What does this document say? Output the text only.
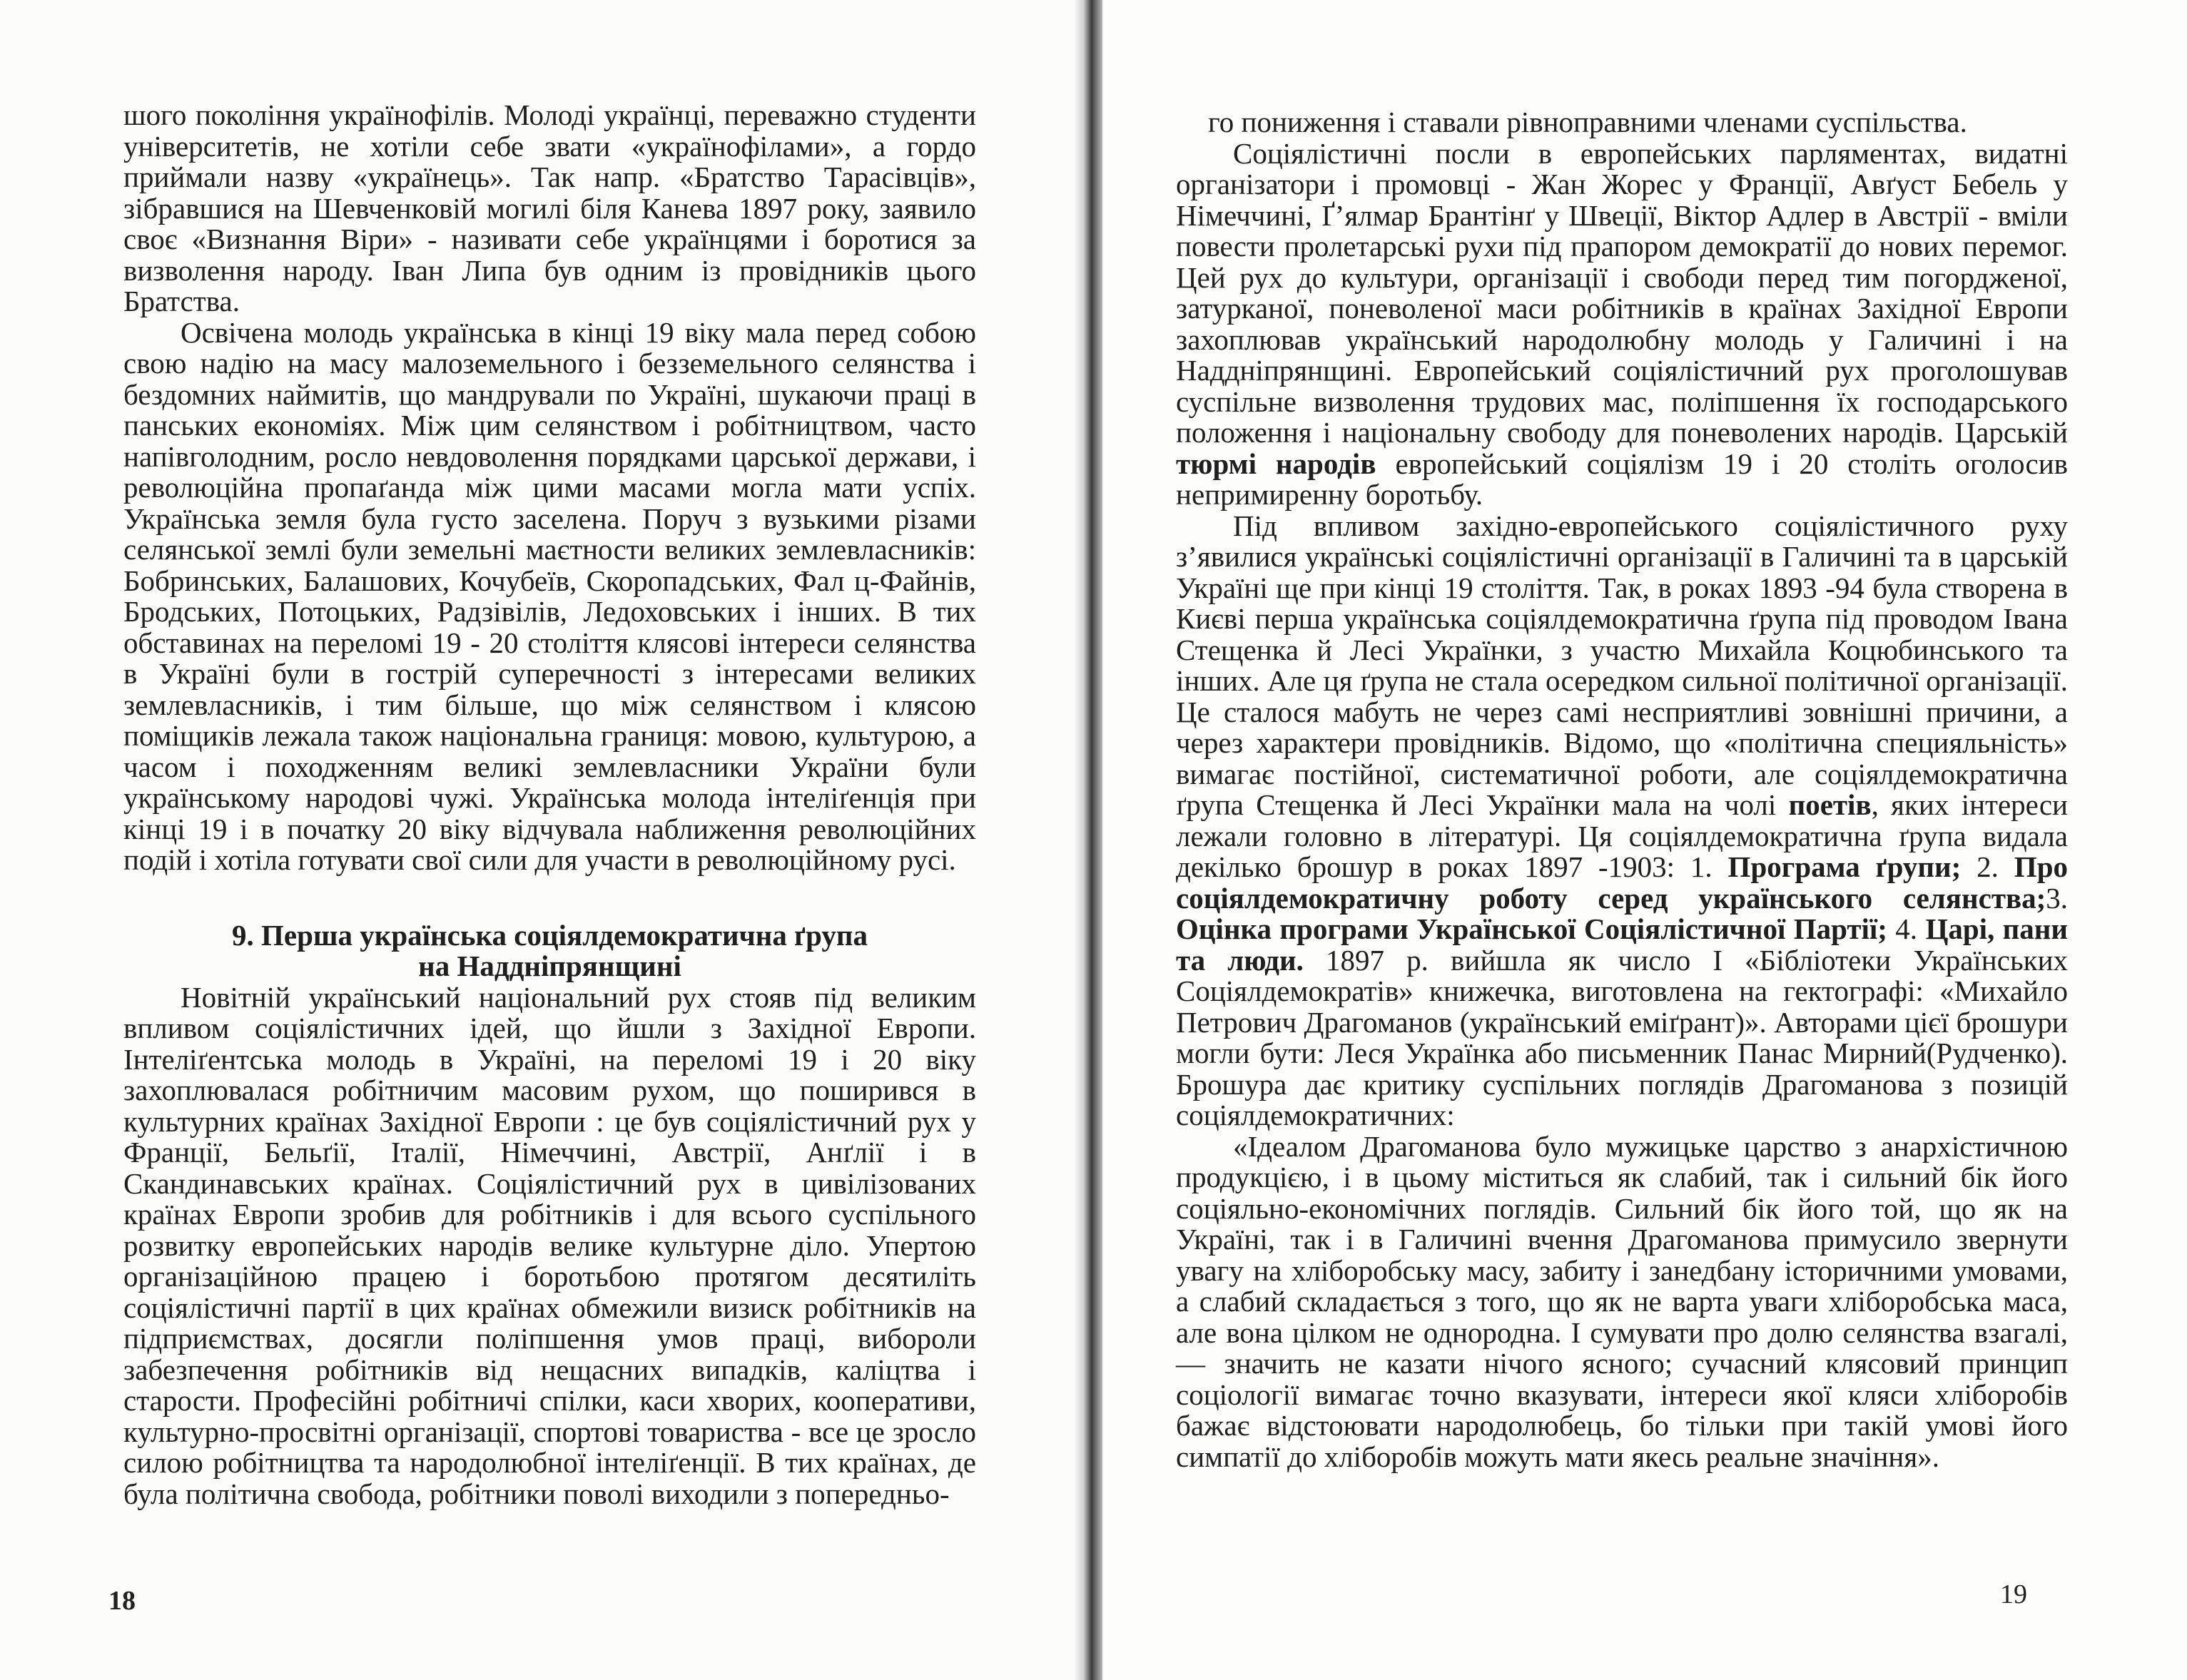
шого покоління українофілів. Молоді українці, переважно студенти університетів, не хотіли себе звати «українофілами», а гордо приймали назву «українець». Так напр. «Братство Тарасівців», зібравшися на Шевченковій могилі біля Канева 1897 року, заявило своє «Визнання Віри» - називати себе українцями і боротися за визволення народу. Іван Липа був одним із провідників цього Братства.

Освічена молодь українська в кінці 19 віку мала перед собою свою надію на масу малоземельного і безземельного селянства і бездомних наймитів, що мандрували по Україні, шукаючи праці в панських економіях. Між цим селянством і робітництвом, часто напівголодним, росло невдоволення порядками царської держави, і революційна пропаґанда між цими масами могла мати успіх. Українська земля була густо заселена. Поруч з вузькими різами селянської землі були земельні маєтности великих землевласників: Бобринських, Балашових, Кочубеїв, Скоропадських, Фал ц-Файнів, Бродських, Потоцьких, Радзівілів, Ледоховських і інших. В тих обставинах на переломі 19 - 20 століття клясові інтереси селянства в Україні були в гострій суперечності з інтересами великих землевласників, і тим більше, що між селянством і клясою поміщиків лежала також національна границя: мовою, культурою, а часом і походженням великі землевласники України були українському народові чужі. Українська молода інтеліґенція при кінці 19 і в початку 20 віку відчувала наближення революційних подій і хотіла готувати свої сили для участи в революційному русі.

9. Перша українська соціялдемократична ґрупа
на Наддніпрянщині

Новітній український національний рух стояв під великим впливом соціялістичних ідей, що йшли з Західної Европи. Інтеліґентська молодь в Україні, на переломі 19 і 20 віку захоплювалася робітничим масовим рухом, що поширився в культурних країнах Західної Европи : це був соціялістичний рух у Франції, Бельґії, Італії, Німеччині, Австрії, Анґлії і в Скандинавських країнах. Соціялістичний рух в цивілізованих країнах Европи зробив для робітників і для всього суспільного розвитку европейських народів велике культурне діло. Упертою організаційною працею і боротьбою протягом десятиліть соціялістичні партії в цих країнах обмежили визиск робітників на підприємствах, досягли поліпшення умов праці, виборoли забезпечення робітників від нещасних випадків, каліцтва і старости. Професійні робітничі спілки, каси хворих, кооперативи, культурно-просвітні організації, спортові товариства - все це зросло силою робітництва та народолюбної інтеліґенції. В тих країнах, де була політична свобода, робітники поволі виходили з попередньо-

18

го пониження і ставали рівноправними членами суспільства.

Соціялістичні посли в европейських парляментах, видатні організатори і промовці - Жан Жорес у Франції, Авґуст Бебель у Німеччині, Ґ’ялмар Брантінґ у Швеції, Віктор Адлер в Австрії - вміли повести пролетарські рухи під прапором демократії до нових перемог. Цей рух до культури, організації і свободи перед тим погорджeної, затурканої, поневоленої маси робітників в країнах Західної Европи захоплював український народолюбну молодь у Галичині і на Наддніпрянщині. Европейський соціялістичний рух проголошував суспільне визволення трудових мас, поліпшення їх господарського положення і національну свободу для поневолених народів. Царській тюрмі народів европейський соціялізм 19 і 20 століть оголосив непримиренну боротьбу.

Під впливом західно-европейського соціялістичного руху з’явилися українські соціялістичні організації в Галичині та в царській Україні ще при кінці 19 століття. Так, в роках 1893 -94 була створена в Києві перша українська соціялдемократична ґрупа під проводом Івана Стещенка й Лесі Українки, з участю Михайла Коцюбинського та інших. Але ця ґрупа не стала осередком сильної політичної організації. Це сталося мабуть не через самі несприятливі зовнішні причини, а через характери провідників. Відомо, що «політична специяльність» вимагає постійної, систематичної роботи, але соціялдемократична ґрупа Стещенка й Лесі Українки мала на чолі поетів, яких інтереси лежали головно в літературі. Ця соціялдемократична ґрупа видала декілько брошур в роках 1897 -1903: 1. Програма ґрупи; 2. Про соціялдемократичну роботу серед українського селянства;3. Оцінка програми Української Соціялістичної Партії; 4. Царі, пани та люди. 1897 р. вийшла як число I «Бібліотеки Українських Соціялдемократів» книжечка, виготовлена на гектографі: «Михайло Петрович Драгоманов (український еміґрант)». Авторами цієї брошури могли бути: Леся Українка або письменник Панас Мирний(Рудченко). Брошура дає критику суспільних поглядів Драгоманова з позицій соціялдемократичних:

«Ідеалом Драгоманова було мужицьке царство з анархістичною продукцією, і в цьому міститься як слабий, так і сильний бік його соціяльно-економічних поглядів. Сильний бік його той, що як на Україні, так і в Галичині вчення Драгоманова примусило звернути увагу на хліборобську масу, забиту і занедбану історичними умовами, а слабий складається з того, що як не варта уваги хліборобська маса, але вона цілком не однородна. І сумувати про долю селянства взагалі, — значить не казати нічого ясного; сучасний клясовий принцип соціології вимагає точно вказувати, інтереси якої кляси хліборобів бажає відстоювати народолюбець, бо тільки при такій умові його симпатії до хліборобів можуть мати якесь реальне значіння».

19
